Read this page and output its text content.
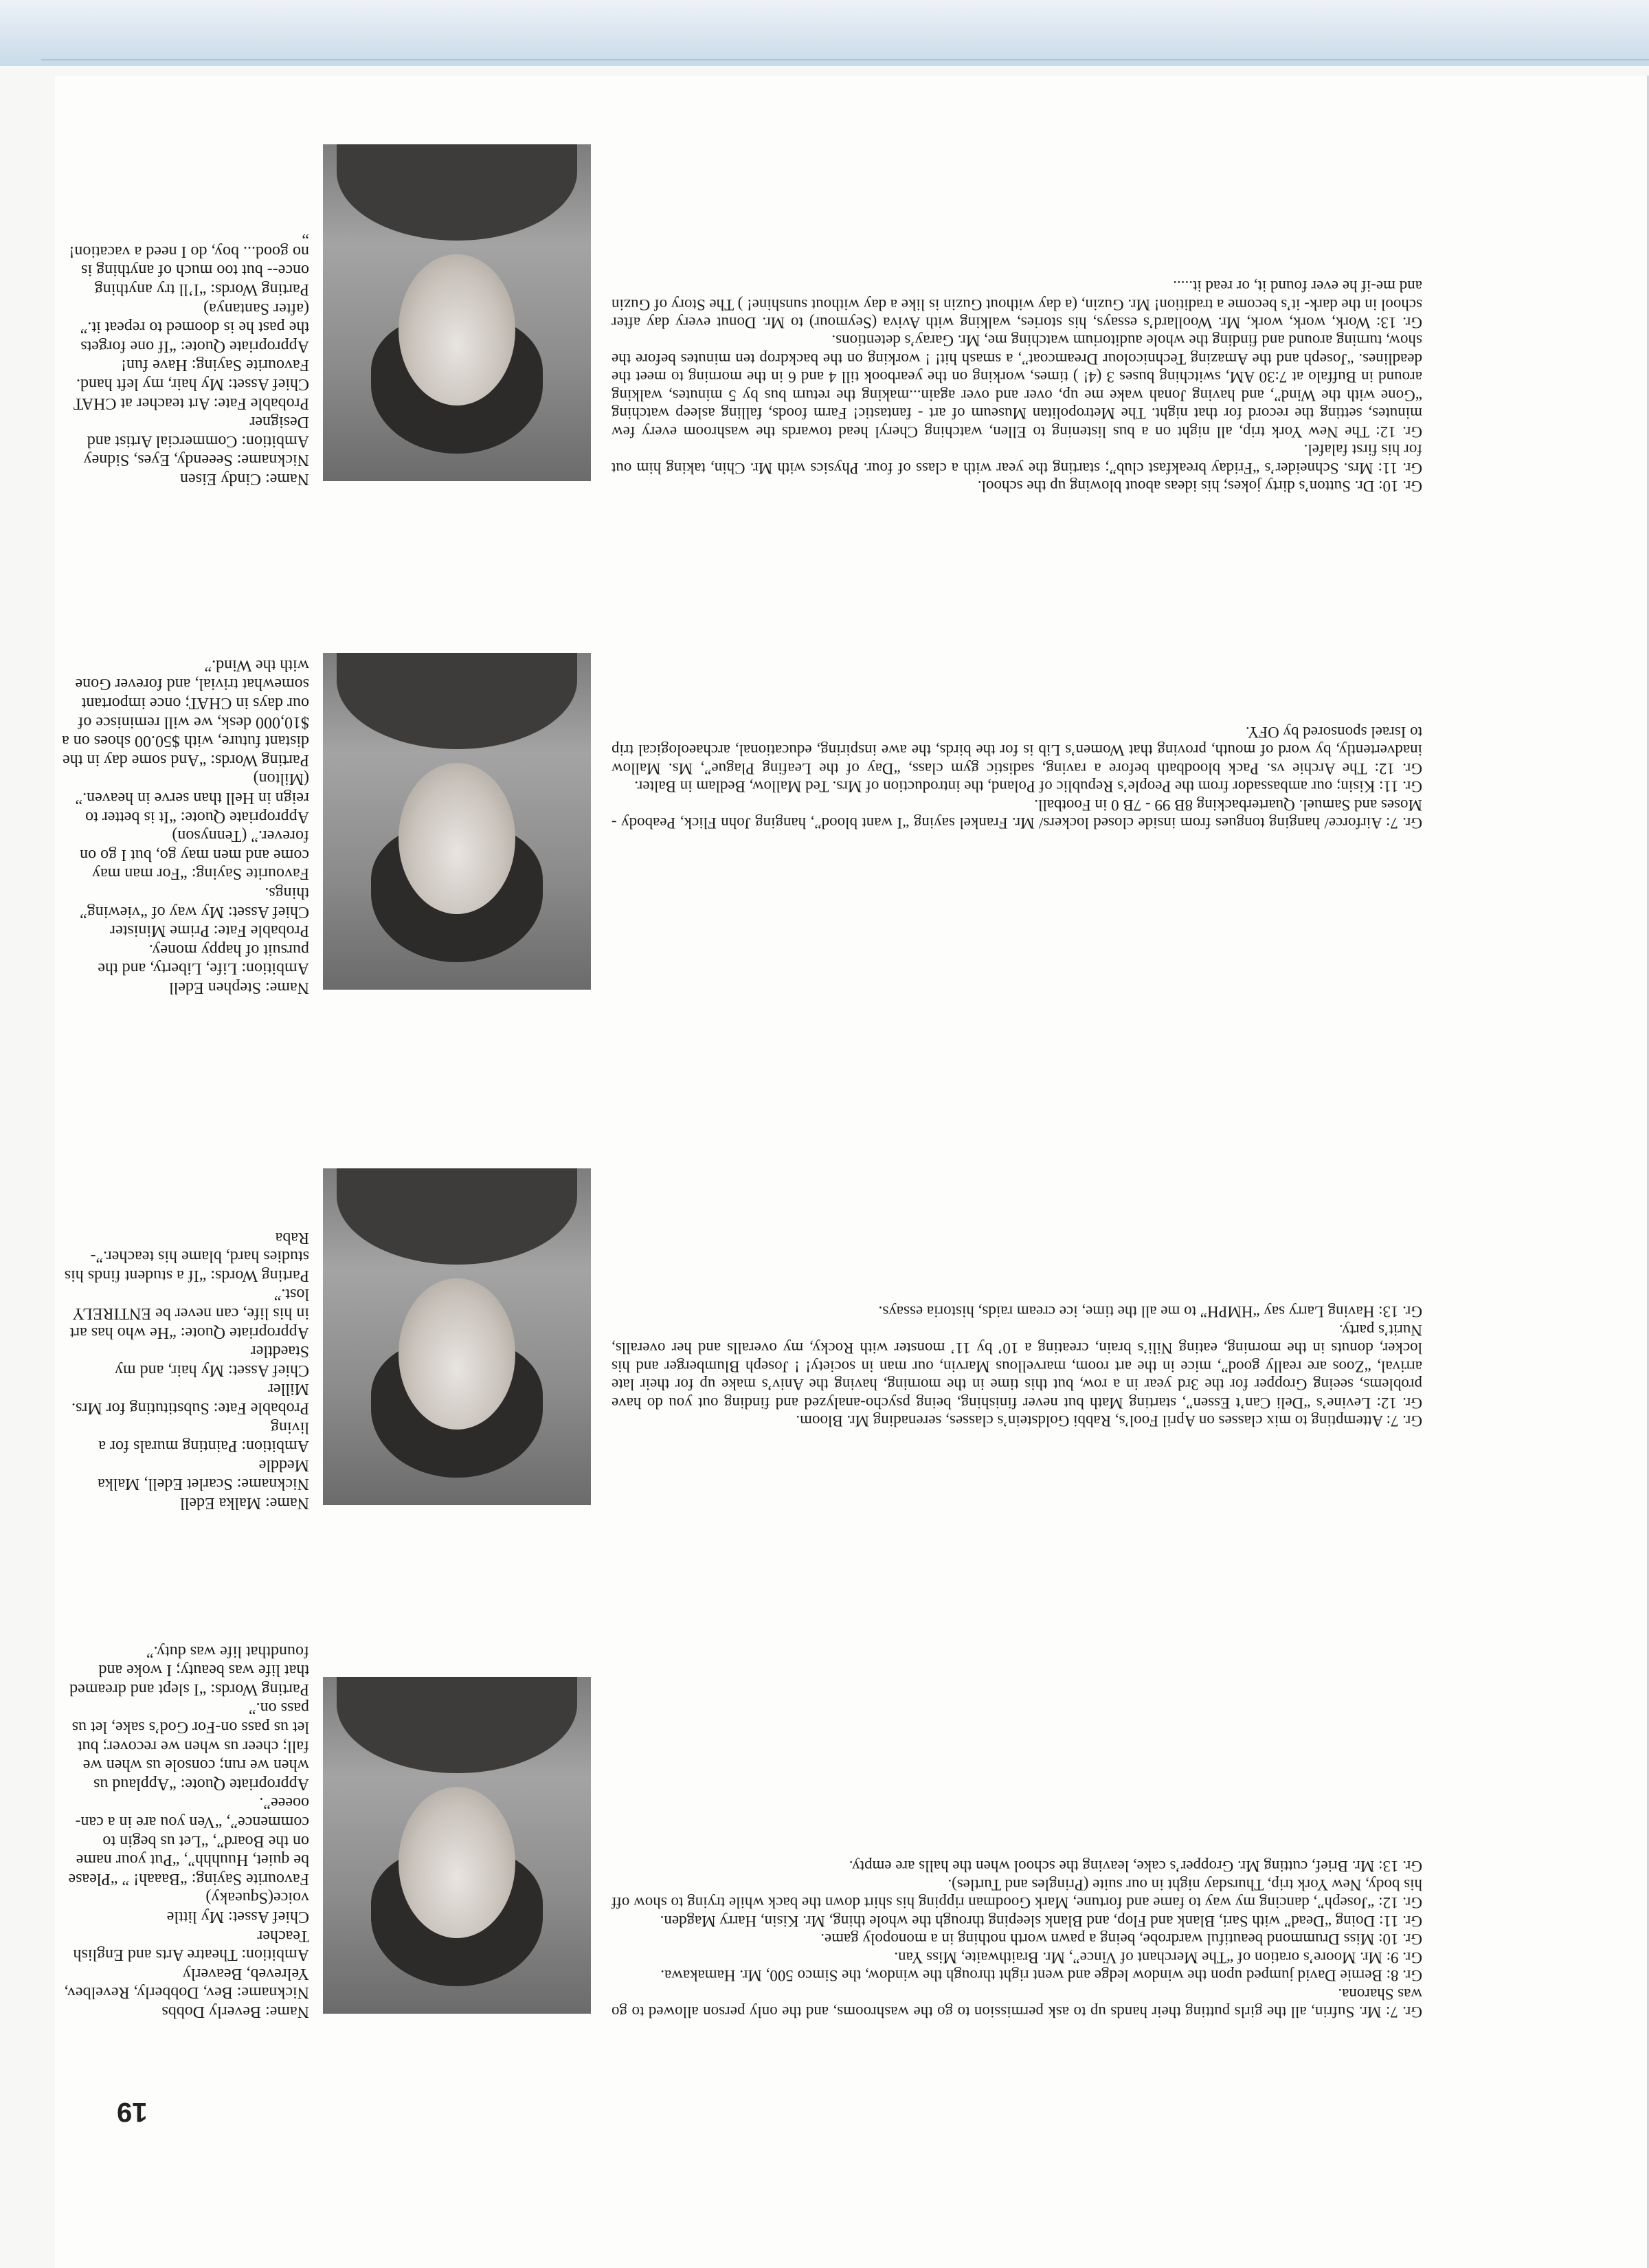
19

Name: Beverly Dobbs

Nickname: Bev, Dobberly, Revelbev, Yelreveb, Beaverly

Ambition: Theatre Arts and English Teacher

Chief Asset: My little voice(Squeaky)

Favourite Saying: “Baaah! ” “Please be quiet, Huuhhh”, “Put your name on the Board”, “Let us begin to commence”, “Ven you are in a can-ooeee”.

Appropriate Quote: “Applaud us when we run; console us when we fall; cheer us when we recover; but let us pass on-For God’s sake, let us pass on.”

Parting Words: “I slept and dreamed that life was beauty; I woke and foundthat life was duty.”

Gr. 7: Mr. Sufrin, all the girls putting their hands up to ask permission to go the washrooms, and the only person allowed to go was Sharona.

Gr. 8: Bernie David jumped upon the window ledge and went right through the window, the Simco 500, Mr. Hamakawa.

Gr. 9: Mr. Moore’s oration of “The Merchant of Vince”, Mr. Braithwaite, Miss Yan.

Gr. 10: Miss Drummond beautiful wardrobe, being a pawn worth nothing in a monopoly game.

Gr. 11: Doing “Dead” with Sari, Blank and Flop, and Blank sleeping through the whole thing, Mr. Kisin, Harry Magden.

Gr. 12: “Joseph”, dancing my way to fame and fortune, Mark Goodman ripping his shirt down the back while trying to show off his body, New York trip, Thursday night in our suite (Pringles and Turtles).

Gr. 13: Mr. Brief, cutting Mr. Gropper’s cake, leaving the school when the halls are empty.

Name: Malka Edell

Nickname: Scarlet Edell, Malka Meddle

Ambition: Painting murals for a living

Probable Fate: Substituting for Mrs. Miller

Chief Asset: My hair, and my Staedtler

Appropriate Quote: “He who has art in his life, can never be ENTIRELY lost.”

Parting Words: “If a student finds his studies hard, blame his teacher.”-Raba

Gr. 7: Attempting to mix classes on April Fool’s, Rabbi Goldstein’s classes, serenading Mr. Bloom.

Gr. 12: Levine’s “Deli Can’t Essen”, starting Math but never finishing, being psycho-analyzed and finding out you do have problems, seeing Gropper for the 3rd year in a row, but this time in the morning, having the Aniv’s make up for their late arrival, “Zoos are really good”, mice in the art room, marvellous Marvin, our man in society! ! Joseph Blumberger and his locker, donuts in the morning, eating Nili’s brain, creating a 10’ by 11’ monster with Rocky, my overalls and her overalls, Nurit’s party.

Gr. 13: Having Larry say “HMPH” to me all the time, ice cream raids, historia essays.

Name: Stephen Edell

Ambition: Life, Liberty, and the pursuit of happy money.

Probable Fate: Prime Minister

Chief Asset: My way of “viewing” things.

Favourite Saying: “For man may come and men may go, but I go on forever.” (Tennyson)

Appropriate Quote: “It is better to reign in Hell than serve in heaven.” (Milton)

Parting Words: “And some day in the distant future, with $50.00 shoes on a $10,000 desk, we will reminisce of our days in CHAT; once important somewhat trivial, and forever Gone with the Wind.”

Gr. 7: Airforce/ hanging tongues from inside closed lockers/ Mr. Frankel saying “I want blood”, hanging John Flick, Peabody - Moses and Samuel. Quarterbacking 8B 99 - 7B 0 in Football.

Gr. 11: Kisin; our ambassador from the People’s Republic of Poland, the introduction of Mrs. Ted Mallow, Bedlam in Balter.

Gr. 12: The Archie vs. Pack bloodbath before a raving, sadistic gym class, “Day of the Leafing Plague”, Ms. Mallow inadvertently, by word of mouth, proving that Women’s Lib is for the birds, the awe inspiring, educational, archaeological trip to Israel sponsored by OFY.

Name: Cindy Eisen

Nickname: Seeendy, Eyes, Sidney

Ambition: Commercial Artist and Designer

Probable Fate: Art teacher at CHAT

Chief Asset: My hair, my left hand.

Favourite Saying: Have fun!

Appropriate Quote: “If one forgets the past he is doomed to repeat it.” (after Santanya)

Parting Words: “I’ll try anything once-- but too much of anything is no good... boy, do I need a vacation! ”

Gr. 10: Dr. Sutton’s dirty jokes; his ideas about blowing up the school.

Gr. 11: Mrs. Schneider’s “Friday breakfast club”; starting the year with a class of four. Physics with Mr. Chin, taking him out for his first falafel.

Gr. 12: The New York trip, all night on a bus listening to Ellen, watching Cheryl head towards the washroom every few minutes, setting the record for that night. The Metropolitan Museum of art - fantastic! Farm foods, falling asleep watching “Gone with the Wind”, and having Jonah wake me up, over and over again...making the return bus by 5 minutes, walking around in Buffalo at 7:30 AM, switching buses 3 (4! ) times, working on the yearbook till 4 and 6 in the morning to meet the deadlines. “Joseph and the Amazing Technicolour Dreamcoat”, a smash hit! ! working on the backdrop ten minutes before the show, turning around and finding the whole auditorium watching me, Mr. Garay’s detentions.

Gr. 13: Work, work, work, Mr. Woollard’s essays, his stories, walking with Aviva (Seymour) to Mr. Donut every day after school in the dark- it’s become a tradition! Mr. Guzin, (a day without Guzin is like a day without sunshine! ) The Story of Guzin and me-if he ever found it, or read it.....
